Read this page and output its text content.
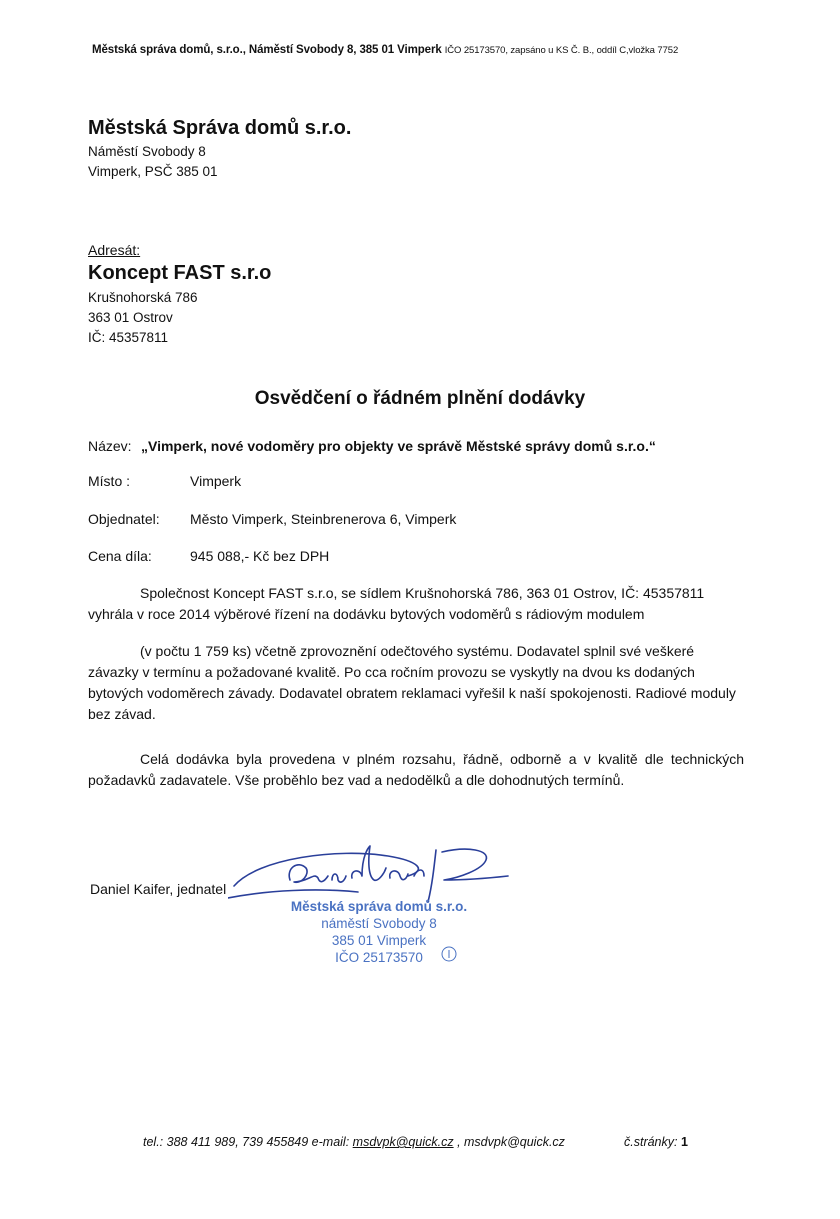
Městská správa domů, s.r.o., Náměstí Svobody 8, 385 01 Vimperk IČO 25173570, zapsáno u KS Č. B., oddíl C,vložka 7752
Městská Správa domů s.r.o.
Náměstí Svobody 8
Vimperk, PSČ 385 01
Adresát:
Koncept FAST s.r.o
Krušnohorská 786
363 01 Ostrov
IČ: 45357811
Osvědčení o řádném plnění dodávky
Název: „Vimperk, nové vodoměry pro objekty ve správě Městské správy domů s.r.o.“
Místo :	Vimperk
Objednatel: Město Vimperk, Steinbrenerova 6, Vimperk
Cena díla:	945 088,- Kč bez DPH

Společnost Koncept FAST s.r.o, se sídlem Krušnohorská 786, 363 01 Ostrov, IČ: 45357811 vyhrála v roce 2014 výběrové řízení na dodávku bytových vodoměrů s rádiovým modulem

(v počtu 1 759 ks) včetně zprovoznění odečtového systému. Dodavatel splnil své veškeré závazky v termínu a požadované kvalitě. Po cca ročním provozu se vyskytly na dvou ks dodaných bytových vodoměrech závady. Dodavatel obratem reklamaci vyřešil k naší spokojenosti. Radiové moduly bez závad.

Celá dodávka byla provedena v plném rozsahu, řádně, odborně a v kvalitě dle technických požadavků zadavatele. Vše proběhlo bez vad a nedodělků a dle dohodnutých termínů.

Daniel Kaifer, jednatel
Městská správa domů s.r.o.
náměstí Svobody 8
385 01 Vimperk
IČO 25173570
tel.: 388 411 989, 739 455849 e-mail: msdvpk@quick.cz , msdvpk@quick.cz	č.stránky: 1
